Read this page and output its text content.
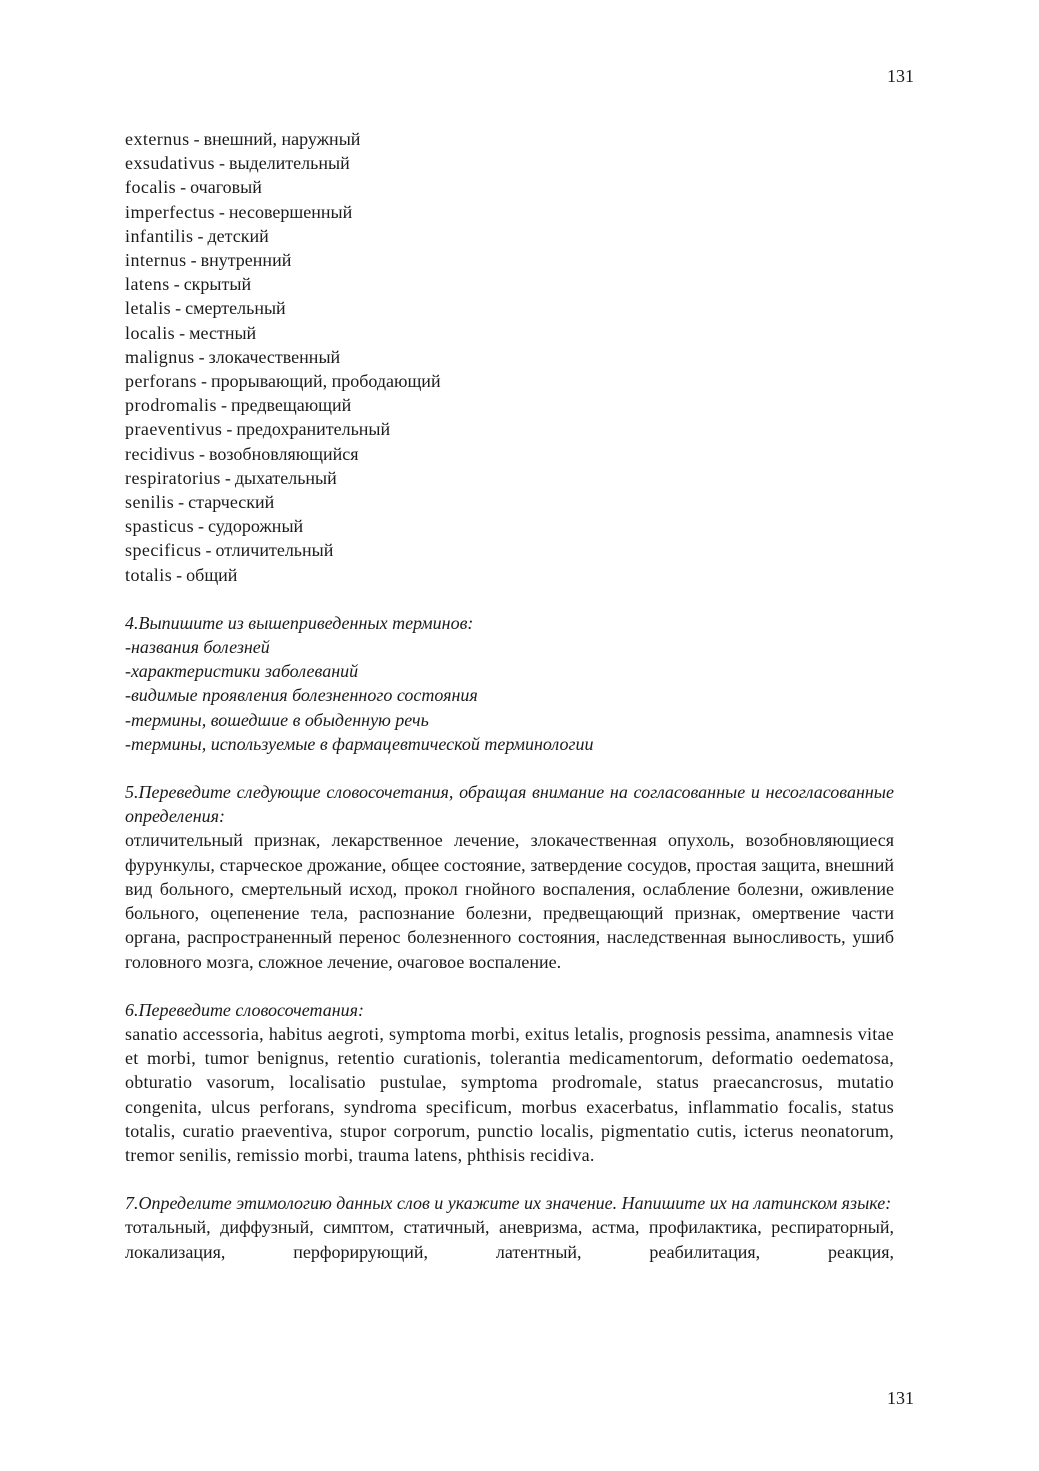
131
externus - внешний, наружный
exsudativus - выделительный
focalis - очаговый
imperfectus - несовершенный
infantilis - детский
internus - внутренний
latens - скрытый
letalis - смертельный
localis - местный
malignus - злокачественный
perforans - прорывающий, прободающий
prodromalis - предвещающий
praeventivus - предохранительный
recidivus - возобновляющийся
respiratorius - дыхательный
senilis - старческий
spasticus - судорожный
specificus - отличительный
totalis - общий
4.Выпишите из вышеприведенных терминов:
-названия болезней
-характеристики заболеваний
-видимые проявления болезненного состояния
-термины, вошедшие в обыденную речь
-термины, используемые в фармацевтической терминологии
5.Переведите следующие словосочетания, обращая внимание на согласованные и несогласованные определения:
отличительный признак, лекарственное лечение, злокачественная опухоль, возобновляющиеся фурункулы, старческое дрожание, общее состояние, затвердение сосудов, простая защита, внешний вид больного, смертельный исход, прокол гнойного воспаления, ослабление болезни, оживление больного, оцепенение тела, распознание болезни, предвещающий признак, омертвение части органа, распространенный перенос болезненного состояния, наследственная выносливость, ушиб головного мозга, сложное лечение, очаговое воспаление.
6.Переведите словосочетания:
sanatio accessoria, habitus aegroti, symptoma morbi, exitus letalis, prognosis pessima, anamnesis vitae et morbi, tumor benignus, retentio curationis, tolerantia medicamentorum, deformatio oedematosa, obturatio vasorum, localisatio pustulae, symptoma prodromale, status praecancrosus, mutatio congenita, ulcus perforans, syndroma specificum, morbus exacerbatus, inflammatio focalis, status totalis, curatio praeventiva, stupor corporum, punctio localis, pigmentatio cutis, icterus neonatorum, tremor senilis, remissio morbi, trauma latens, phthisis recidiva.
7.Определите этимологию данных слов и укажите их значение. Напишите их на латинском языке:
тотальный, диффузный, симптом, статичный, аневризма, астма, профилактика, респираторный, локализация, перфорирующий, латентный, реабилитация, реакция,
131
